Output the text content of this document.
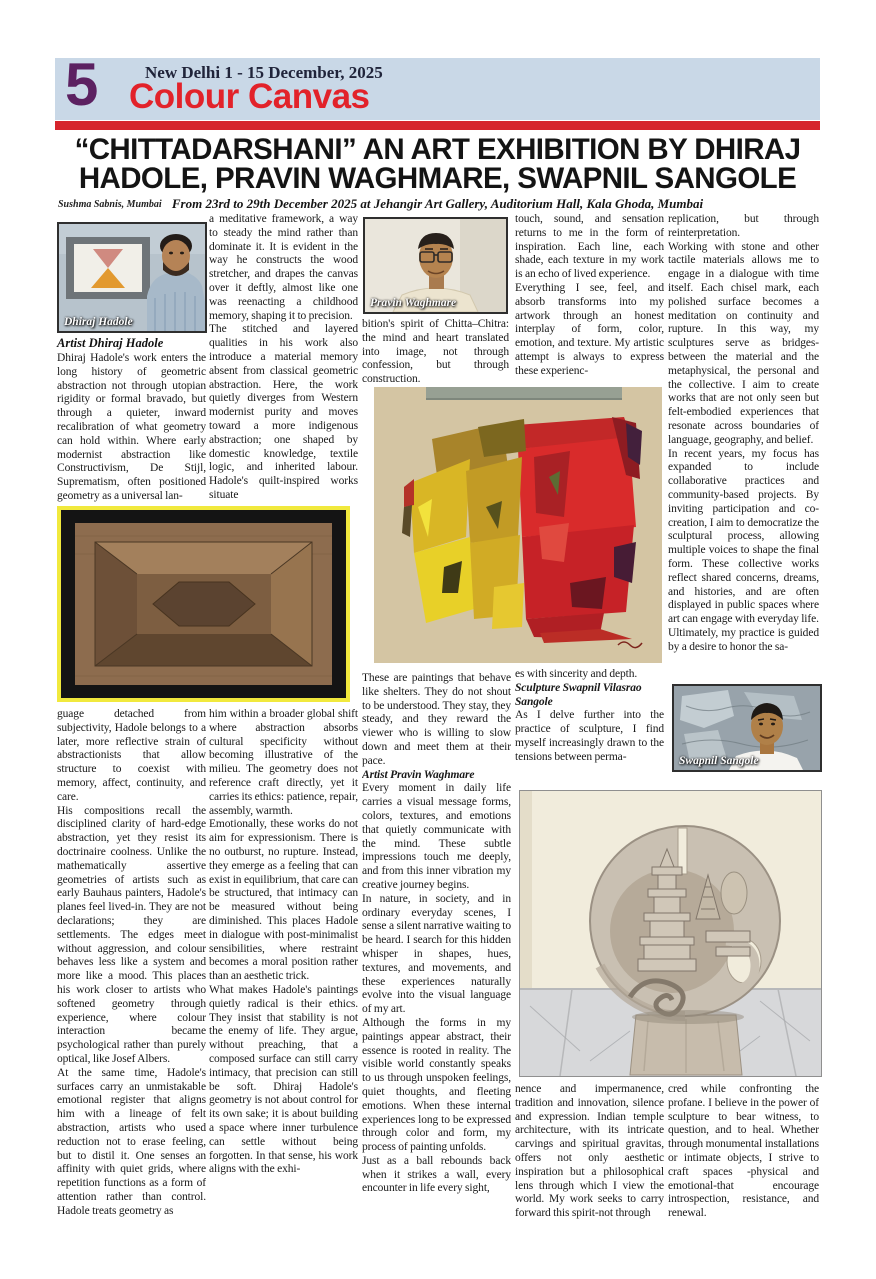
5	New Delhi 1 - 15 December, 2025
Colour Canvas
“CHITTADARSHANI” AN ART EXHIBITION BY DHIRAJ HADOLE, PRAVIN WAGHMARE, SWAPNIL SANGOLE
Sushma Sabnis, Mumbai From 23rd to 29th December 2025 at Jehangir Art Gallery, Auditorium Hall, Kala Ghoda, Mumbai
Dhiraj Hadole
Artist Dhiraj Hadole

Dhiraj Hadole's work enters the long history of geometric abstraction not through utopian rigidity or formal bravado, but through a quieter, inward recalibration of what geometry can hold within. Where early modernist abstraction like Constructivism, De Stijl, Suprematism, often positioned geometry as a universal lan-

guage detached from subjectivity, Hadole belongs to a later, more reflective strain of abstractionists that allow structure to coexist with memory, affect, continuity, and care.

His compositions recall the disciplined clarity of hard-edge abstraction, yet they resist its doctrinaire coolness. Unlike the mathematically assertive geometries of artists such as early Bauhaus painters, Hadole's planes feel lived-in. They are not declarations; they are settlements. The edges meet without aggression, and colour behaves less like a system and more like a mood. This places his work closer to artists who softened geometry through experience, where colour interaction became psychological rather than purely optical, like Josef Albers.

At the same time, Hadole's surfaces carry an unmistakable emotional register that aligns him with a lineage of felt abstraction, artists who used reduction not to erase feeling, but to distil it. One senses an affinity with quiet grids, where repetition functions as a form of attention rather than control. Hadole treats geometry as

a meditative framework, a way to steady the mind rather than dominate it. It is evident in the way he constructs the wood stretcher, and drapes the canvas over it deftly, almost like one was reenacting a childhood memory, shaping it to precision.

The stitched and layered qualities in his work also introduce a material memory absent from classical geometric abstraction. Here, the work quietly diverges from Western modernist purity and moves toward a more indigenous abstraction; one shaped by domestic knowledge, textile logic, and inherited labour. Hadole's quilt-inspired works situate

him within a broader global shift where abstraction absorbs cultural specificity without becoming illustrative of the milieu. The geometry does not reference craft directly, yet it carries its ethics: patience, repair, assembly, warmth.

Emotionally, these works do not aim for expressionism. There is no outburst, no rupture. Instead, they emerge as a feeling that can exist in equilibrium, that care can be structured, that intimacy can be measured without being diminished. This places Hadole in dialogue with post-minimalist sensibilities, where restraint becomes a moral position rather than an aesthetic trick.

What makes Hadole's paintings quietly radical is their ethics. They insist that stability is not the enemy of life. They argue, without preaching, that a composed surface can still carry intimacy, that precision can still be soft. Dhiraj Hadole's geometry is not about control for its own sake; it is about building a space where inner turbulence can settle without being forgotten. In that sense, his work aligns with the exhi-

Pravin Waghmare

bition's spirit of Chitta–Chitra: the mind and heart translated into image, not through confession, but through construction.

These are paintings that behave like shelters. They do not shout to be understood. They stay, they steady, and they reward the viewer who is willing to slow down and meet them at their pace.

Artist Pravin Waghmare

Every moment in daily life carries a visual message forms, colors, textures, and emotions that quietly communicate with the mind. These subtle impressions touch me deeply, and from this inner vibration my creative journey begins.

In nature, in society, and in ordinary everyday scenes, I sense a silent narrative waiting to be heard. I search for this hidden whisper in shapes, hues, textures, and movements, and these experiences naturally evolve into the visual language of my art.

Although the forms in my paintings appear abstract, their essence is rooted in reality. The visible world constantly speaks to us through unspoken feelings, quiet thoughts, and fleeting emotions. When these internal experiences long to be expressed through color and form, my process of painting unfolds.

Just as a ball rebounds back when it strikes a wall, every encounter in life every sight,

touch, sound, and sensation returns to me in the form of inspiration. Each line, each shade, each texture in my work is an echo of lived experience.

Everything I see, feel, and absorb transforms into my artwork through an honest interplay of form, color, emotion, and texture. My artistic attempt is always to express these experienc-

es with sincerity and depth.

Sculpture Swapnil Vilasrao Sangole

As I delve further into the practice of sculpture, I find myself increasingly drawn to the tensions between perma-

nence and impermanence, tradition and innovation, silence and expression. Indian temple architecture, with its intricate carvings and spiritual gravitas, offers not only aesthetic inspiration but a philosophical lens through which I view the world. My work seeks to carry forward this spirit-not through

replication, but through reinterpretation.

Working with stone and other tactile materials allows me to engage in a dialogue with time itself. Each chisel mark, each polished surface becomes a meditation on continuity and rupture. In this way, my sculptures serve as bridges-between the material and the metaphysical, the personal and the collective. I aim to create works that are not only seen but felt-embodied experiences that resonate across boundaries of language, geography, and belief.

In recent years, my focus has expanded to include collaborative practices and community-based projects. By inviting participation and co-creation, I aim to democratize the sculptural process, allowing multiple voices to shape the final form. These collective works reflect shared concerns, dreams, and histories, and are often displayed in public spaces where art can engage with everyday life.

Ultimately, my practice is guided by a desire to honor the sa-

cred while confronting the profane. I believe in the power of sculpture to bear witness, to question, and to heal. Whether through monumental installations or intimate objects, I strive to craft spaces -physical and emotional-that encourage introspection, resistance, and renewal.

Swapnil Sangole
